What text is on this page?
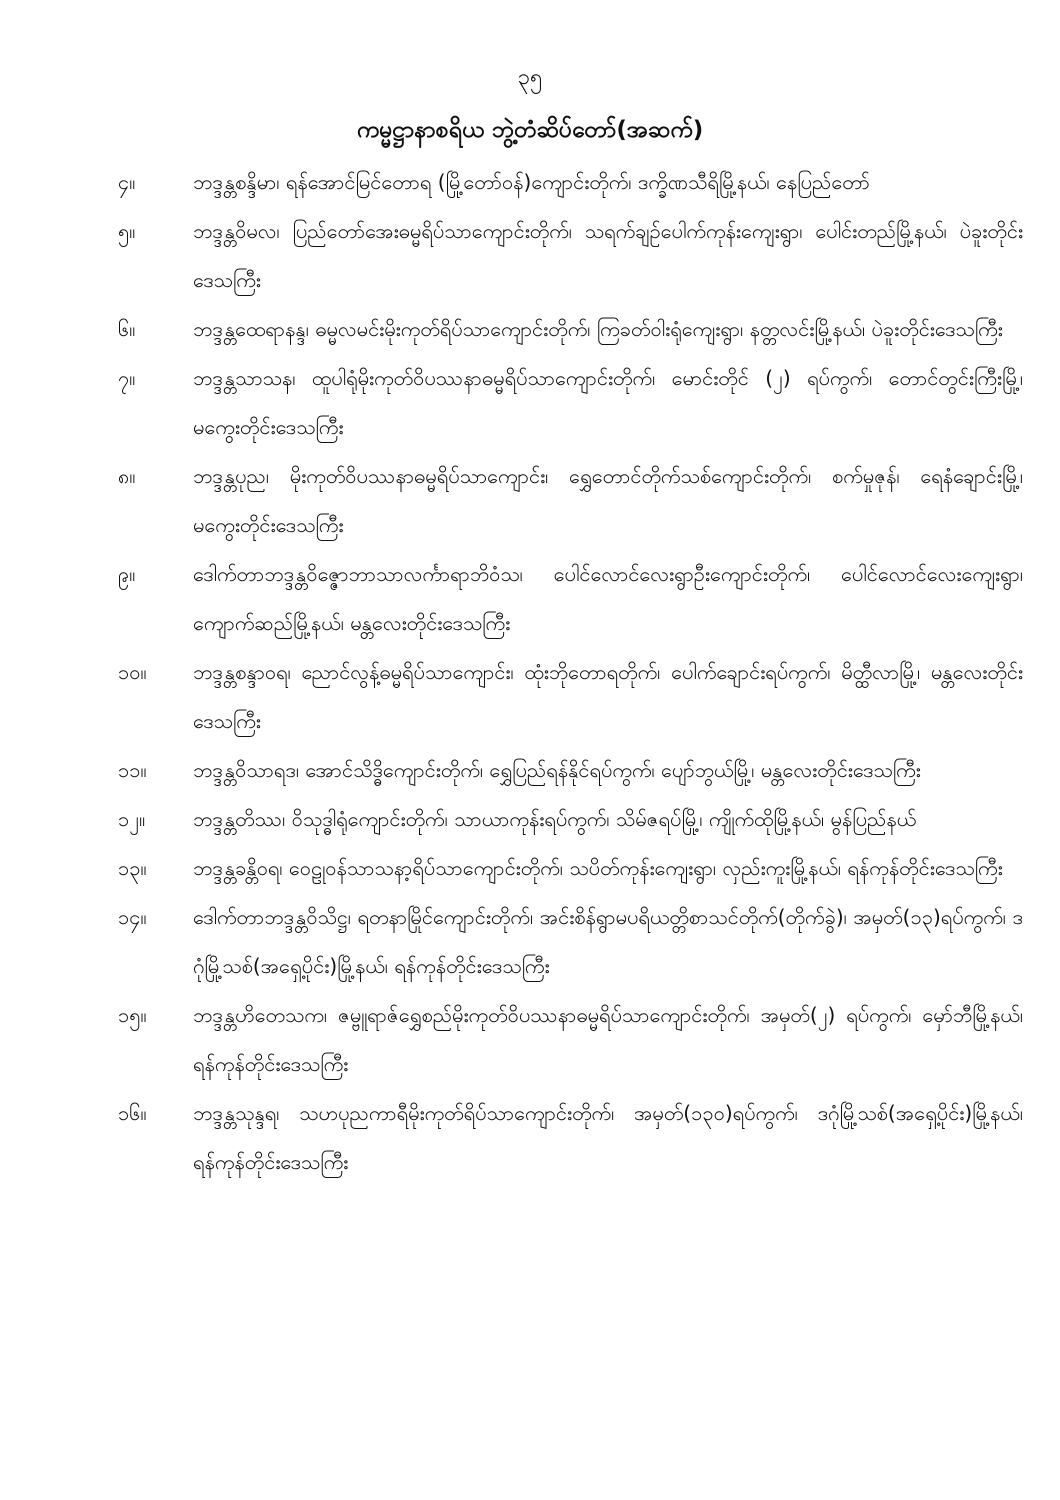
၃၅
ကမ္မဋ္ဌာနာစရိယ ဘွဲ့တံဆိပ်တော်(အဆက်)
၄။	ဘဒ္ဒန္တစန္ဒိမာ၊ ရန်အောင်မြင်တောရ (မြို့တော်ဝန်)ကျောင်းတိုက်၊ ဒက္ခိဏသီရိမြို့နယ်၊ နေပြည်တော်
၅။	ဘဒ္ဒန္တဝိမလ၊ ပြည်တော်အေးဓမ္မရိပ်သာကျောင်းတိုက်၊ သရက်ချဉ်ပေါက်ကုန်းကျေးရွာ၊ ပေါင်းတည်မြို့နယ်၊ ပဲခူးတိုင်းဒေသကြီး
၆။	ဘဒ္ဒန္တထေရာနန္ဒ၊ ဓမ္မလမင်းမိုးကုတ်ရိပ်သာကျောင်းတိုက်၊ ကြခတ်ဝါးရုံကျေးရွာ၊ နတ္တလင်းမြို့နယ်၊ ပဲခူးတိုင်းဒေသကြီး
၇။	ဘဒ္ဒန္တသာသန၊ ထူပါရုံမိုးကုတ်ဝိပဿနာဓမ္မရိပ်သာကျောင်းတိုက်၊ မောင်းတိုင် (၂) ရပ်ကွက်၊ တောင်တွင်းကြီးမြို့၊ မကွေးတိုင်းဒေသကြီး
၈။	ဘဒ္ဒန္တပုည၊ မိုးကုတ်ဝိပဿနာဓမ္မရိပ်သာကျောင်း၊ ရွှေတောင်တိုက်သစ်ကျောင်းတိုက်၊ စက်မှုဇုန်၊ ရေနံချောင်းမြို့၊ မကွေးတိုင်းဒေသကြီး
၉။	ဒေါက်တာဘဒ္ဒန္တဝိဇ္ဇောဘာသာလင်္ကာရာဘိဝံသ၊ ပေါင်လောင်လေးရွာဦးကျောင်းတိုက်၊ ပေါင်လောင်လေးကျေးရွာ၊ ကျောက်ဆည်မြို့နယ်၊ မန္တလေးတိုင်းဒေသကြီး
၁၀။	ဘဒ္ဒန္တစန္ဒာဝရ၊ ညောင်လွန့်ဓမ္မရိပ်သာကျောင်း၊ ထုံးဘိုတောရတိုက်၊ ပေါက်ချောင်းရပ်ကွက်၊ မိတ္ထီလာမြို့၊ မန္တလေးတိုင်းဒေသကြီး
၁၁။	ဘဒ္ဒန္တဝိသာရဒ၊ အောင်သိဒ္ဓိကျောင်းတိုက်၊ ရွှေပြည်ရန်နိုင်ရပ်ကွက်၊ ပျော်ဘွယ်မြို့၊ မန္တလေးတိုင်းဒေသကြီး
၁၂။	ဘဒ္ဒန္တတိဿ၊ ဝိသုဒ္ဓါရုံကျောင်းတိုက်၊ သာယာကုန်းရပ်ကွက်၊ သိမ်ဇရပ်မြို့၊ ကျိုက်ထိုမြို့နယ်၊ မွန်ပြည်နယ်
၁၃။	ဘဒ္ဒန္တခန္တိဝရ၊ ဝေဠုဝန်သာသနာ့ရိပ်သာကျောင်းတိုက်၊ သပိတ်ကုန်းကျေးရွာ၊ လှည်းကူးမြို့နယ်၊ ရန်ကုန်တိုင်းဒေသကြီး
၁၄။	ဒေါက်တာဘဒ္ဒန္တဝိသိဋ္ဌ၊ ရတနာမြိုင်ကျောင်းတိုက်၊ အင်းစိန်ရွာမပရိယတ္တိစာသင်တိုက်(တိုက်ခွဲ)၊ အမှတ်(၁၃)ရပ်ကွက်၊ ဒဂုံမြို့သစ်(အရှေ့ပိုင်း)မြို့နယ်၊ ရန်ကုန်တိုင်းဒေသကြီး
၁၅။	ဘဒ္ဒန္တဟိတေသက၊ ဇမ္ဗူရာဇ်ရွှေစည်မိုးကုတ်ဝိပဿနာဓမ္မရိပ်သာကျောင်းတိုက်၊ အမှတ်(၂) ရပ်ကွက်၊ မှော်ဘီမြို့နယ်၊ ရန်ကုန်တိုင်းဒေသကြီး
၁၆။	ဘဒ္ဒန္တသုန္ဒရ၊ သဟပုညကာရီမိုးကုတ်ရိပ်သာကျောင်းတိုက်၊ အမှတ်(၁၃၀)ရပ်ကွက်၊ ဒဂုံမြို့သစ်(အရှေ့ပိုင်း)မြို့နယ်၊ ရန်ကုန်တိုင်းဒေသကြီး
